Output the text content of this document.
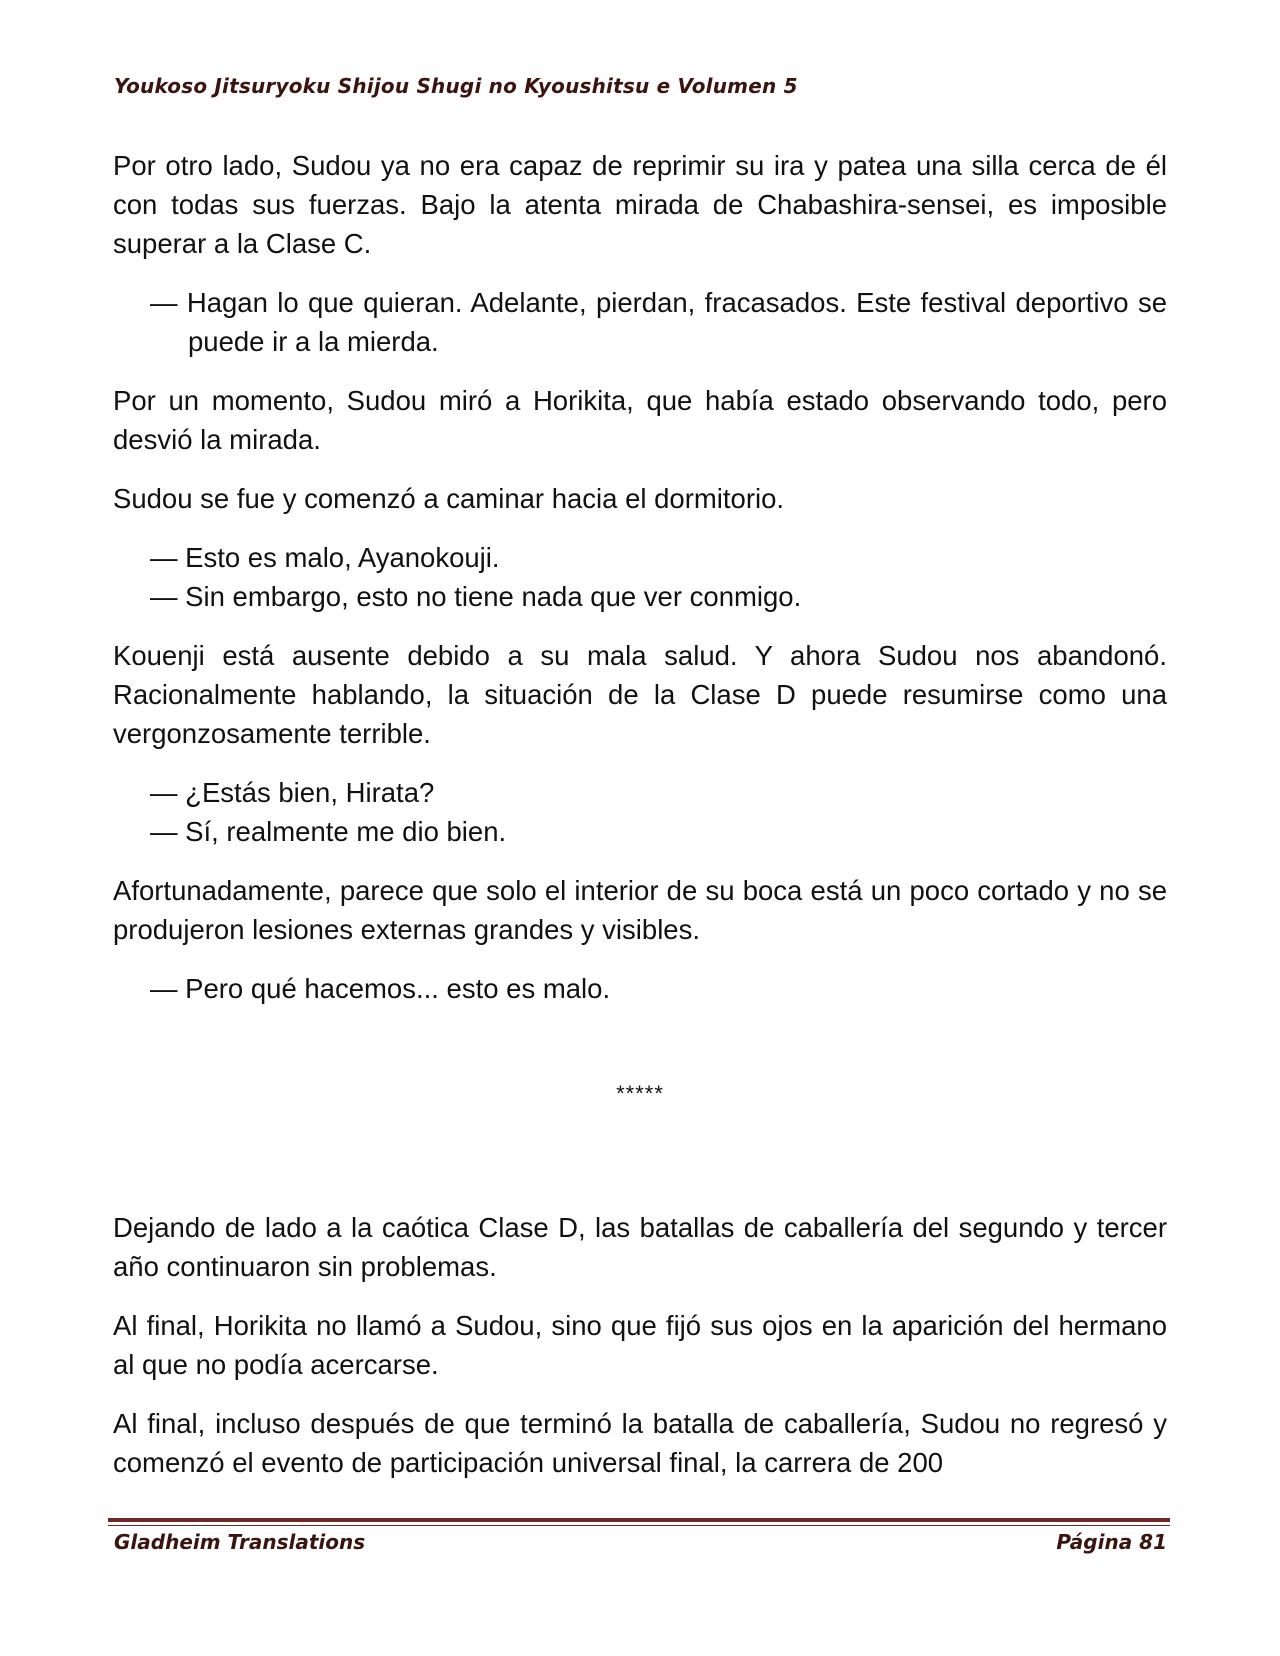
Youkoso Jitsuryoku Shijou Shugi no Kyoushitsu e Volumen 5

Por otro lado, Sudou ya no era capaz de reprimir su ira y patea una silla cerca de él con todas sus fuerzas. Bajo la atenta mirada de Chabashira-sensei, es imposible superar a la Clase C.

— Hagan lo que quieran. Adelante, pierdan, fracasados. Este festival deportivo se puede ir a la mierda.

Por un momento, Sudou miró a Horikita, que había estado observando todo, pero desvió la mirada.

Sudou se fue y comenzó a caminar hacia el dormitorio.

— Esto es malo, Ayanokouji.

— Sin embargo, esto no tiene nada que ver conmigo.

Kouenji está ausente debido a su mala salud. Y ahora Sudou nos abandonó. Racionalmente hablando, la situación de la Clase D puede resumirse como una vergonzosamente terrible.

— ¿Estás bien, Hirata?

— Sí, realmente me dio bien.

Afortunadamente, parece que solo el interior de su boca está un poco cortado y no se produjeron lesiones externas grandes y visibles.

— Pero qué hacemos... esto es malo.

*****

Dejando de lado a la caótica Clase D, las batallas de caballería del segundo y tercer año continuaron sin problemas.

Al final, Horikita no llamó a Sudou, sino que fijó sus ojos en la aparición del hermano al que no podía acercarse.

Al final, incluso después de que terminó la batalla de caballería, Sudou no regresó y comenzó el evento de participación universal final, la carrera de 200

Gladheim Translations	Página 81
